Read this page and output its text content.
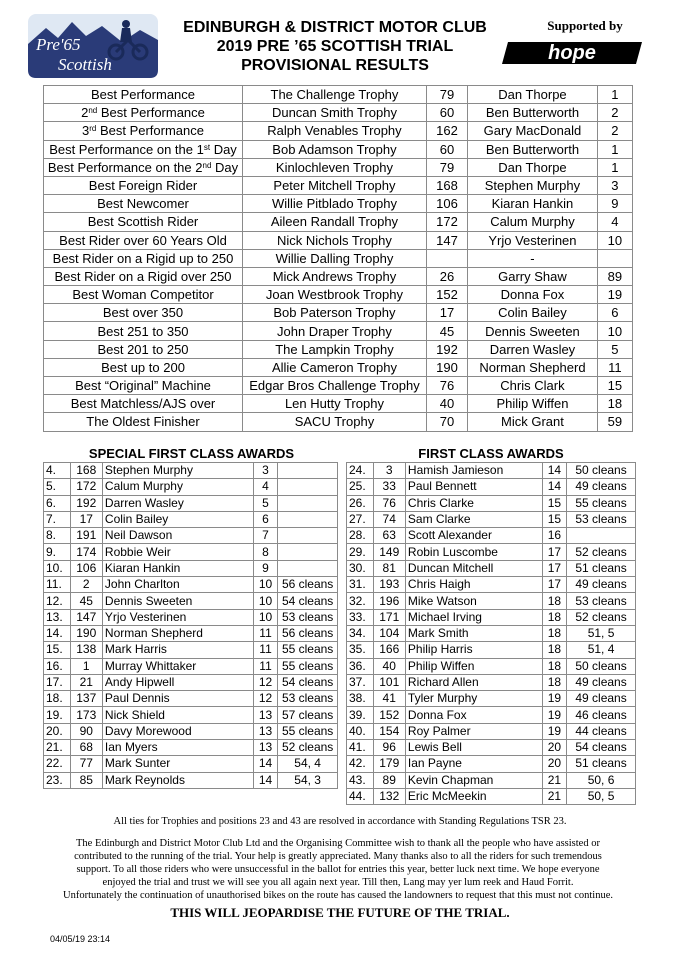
Pre'65
Scottish
EDINBURGH & DISTRICT MOTOR CLUB
2019 PRE ’65 SCOTTISH TRIAL
PROVISIONAL RESULTS
Supported by
hope
Best Performance	The Challenge Trophy	79	Dan Thorpe	1
2nd Best Performance	Duncan Smith Trophy	60	Ben Butterworth	2
3rd Best Performance	Ralph Venables Trophy	162	Gary MacDonald	2
Best Performance on the 1st Day	Bob Adamson Trophy	60	Ben Butterworth	1
Best Performance on the 2nd Day	Kinlochleven Trophy	79	Dan Thorpe	1
Best Foreign Rider	Peter Mitchell Trophy	168	Stephen Murphy	3
Best Newcomer	Willie Pitblado Trophy	106	Kiaran Hankin	9
Best Scottish Rider	Aileen Randall Trophy	172	Calum Murphy	4
Best Rider over 60 Years Old	Nick Nichols Trophy	147	Yrjo Vesterinen	10
Best Rider on a Rigid up to 250	Willie Dalling Trophy		-	
Best Rider on a Rigid over 250	Mick Andrews Trophy	26	Garry Shaw	89
Best Woman Competitor	Joan Westbrook Trophy	152	Donna Fox	19
Best over 350	Bob Paterson Trophy	17	Colin Bailey	6
Best 251 to 350	John Draper Trophy	45	Dennis Sweeten	10
Best 201 to 250	The Lampkin Trophy	192	Darren Wasley	5
Best up to 200	Allie Cameron Trophy	190	Norman Shepherd	11
Best “Original” Machine	Edgar Bros Challenge Trophy	76	Chris Clark	15
Best Matchless/AJS over	Len Hutty Trophy	40	Philip Wiffen	18
The Oldest Finisher	SACU Trophy	70	Mick Grant	59
SPECIAL FIRST CLASS AWARDS	FIRST CLASS AWARDS
4.	168	Stephen Murphy	3	
5.	172	Calum Murphy	4	
6.	192	Darren Wasley	5	
7.	17	Colin Bailey	6	
8.	191	Neil Dawson	7	
9.	174	Robbie Weir	8	
10.	106	Kiaran Hankin	9	
11.	2	John Charlton	10	56 cleans
12.	45	Dennis Sweeten	10	54 cleans
13.	147	Yrjo Vesterinen	10	53 cleans
14.	190	Norman Shepherd	11	56 cleans
15.	138	Mark Harris	11	55 cleans
16.	1	Murray Whittaker	11	55 cleans
17.	21	Andy Hipwell	12	54 cleans
18.	137	Paul Dennis	12	53 cleans
19.	173	Nick Shield	13	57 cleans
20.	90	Davy Morewood	13	55 cleans
21.	68	Ian Myers	13	52 cleans
22.	77	Mark Sunter	14	54, 4
23.	85	Mark Reynolds	14	54, 3
24.	3	Hamish Jamieson	14	50 cleans
25.	33	Paul Bennett	14	49 cleans
26.	76	Chris Clarke	15	55 cleans
27.	74	Sam Clarke	15	53 cleans
28.	63	Scott Alexander	16	
29.	149	Robin Luscombe	17	52 cleans
30.	81	Duncan Mitchell	17	51 cleans
31.	193	Chris Haigh	17	49 cleans
32.	196	Mike Watson	18	53 cleans
33.	171	Michael Irving	18	52 cleans
34.	104	Mark Smith	18	51, 5
35.	166	Philip Harris	18	51, 4
36.	40	Philip Wiffen	18	50 cleans
37.	101	Richard Allen	18	49 cleans
38.	41	Tyler Murphy	19	49 cleans
39.	152	Donna Fox	19	46 cleans
40.	154	Roy Palmer	19	44 cleans
41.	96	Lewis Bell	20	54 cleans
42.	179	Ian Payne	20	51 cleans
43.	89	Kevin Chapman	21	50, 6
44.	132	Eric McMeekin	21	50, 5
All ties for Trophies and positions 23 and 43 are resolved in accordance with Standing Regulations TSR 23.
The Edinburgh and District Motor Club Ltd and the Organising Committee wish to thank all the people who have assisted or
contributed to the running of the trial. Your help is greatly appreciated. Many thanks also to all the riders for such tremendous
support. To all those riders who were unsuccessful in the ballot for entries this year, better luck next time. We hope everyone
enjoyed the trial and trust we will see you all again next year. Till then, Lang may yer lum reek and Haud Forrit.
Unfortunately the continuation of unauthorised bikes on the route has caused the landowners to request that this must not continue.
THIS WILL JEOPARDISE THE FUTURE OF THE TRIAL.
04/05/19 23:14
